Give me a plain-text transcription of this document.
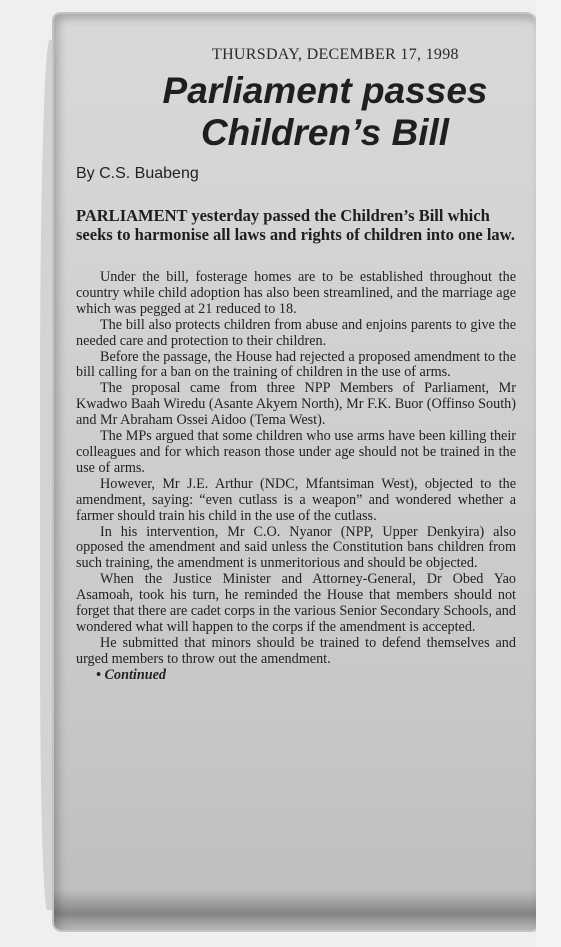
THURSDAY, DECEMBER 17, 1998
Parliament passes
Children’s Bill
By C.S. Buabeng
PARLIAMENT yesterday passed the Children’s Bill which seeks to harmonise all laws and rights of children into one law.

Under the bill, fosterage homes are to be established throughout the country while child adoption has also been streamlined, and the marriage age which was pegged at 21 reduced to 18.

The bill also protects children from abuse and enjoins parents to give the needed care and protection to their children.

Before the passage, the House had rejected a proposed amendment to the bill calling for a ban on the training of children in the use of arms.

The proposal came from three NPP Members of Parliament, Mr Kwadwo Baah Wiredu (Asante Akyem North), Mr F.K. Buor (Offinso South) and Mr Abraham Ossei Aidoo (Tema West).

The MPs argued that some children who use arms have been killing their colleagues and for which reason those under age should not be trained in the use of arms.

However, Mr J.E. Arthur (NDC, Mfantsiman West), objected to the amendment, saying: “even cutlass is a weapon” and wondered whether a farmer should train his child in the use of the cutlass.

In his intervention, Mr C.O. Nyanor (NPP, Upper Denkyira) also opposed the amendment and said unless the Constitution bans children from such training, the amendment is unmeritorious and should be objected.

When the Justice Minister and Attorney-General, Dr Obed Yao Asamoah, took his turn, he reminded the House that members should not forget that there are cadet corps in the various Senior Secondary Schools, and wondered what will happen to the corps if the amendment is accepted.

He submitted that minors should be trained to defend themselves and urged members to throw out the amendment.

• Continued
